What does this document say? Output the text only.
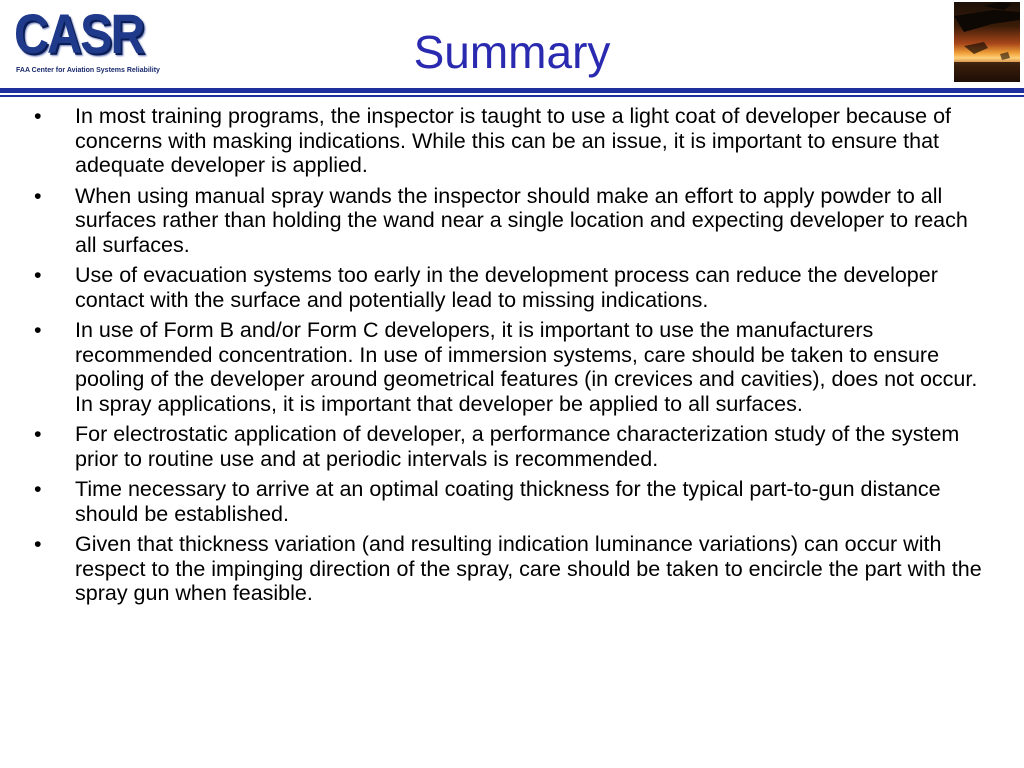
CASR
FAA Center for Aviation Systems Reliability	Summary
• In most training programs, the inspector is taught to use a light coat of developer because of concerns with masking indications. While this can be an issue, it is important to ensure that adequate developer is applied.
• When using manual spray wands the inspector should make an effort to apply powder to all surfaces rather than holding the wand near a single location and expecting developer to reach all surfaces.
• Use of evacuation systems too early in the development process can reduce the developer contact with the surface and potentially lead to missing indications.
• In use of Form B and/or Form C developers, it is important to use the manufacturers recommended concentration. In use of immersion systems, care should be taken to ensure pooling of the developer around geometrical features (in crevices and cavities), does not occur. In spray applications, it is important that developer be applied to all surfaces.
• For electrostatic application of developer, a performance characterization study of the system prior to routine use and at periodic intervals is recommended.
• Time necessary to arrive at an optimal coating thickness for the typical part-to-gun distance should be established.
• Given that thickness variation (and resulting indication luminance variations) can occur with respect to the impinging direction of the spray, care should be taken to encircle the part with the spray gun when feasible.
